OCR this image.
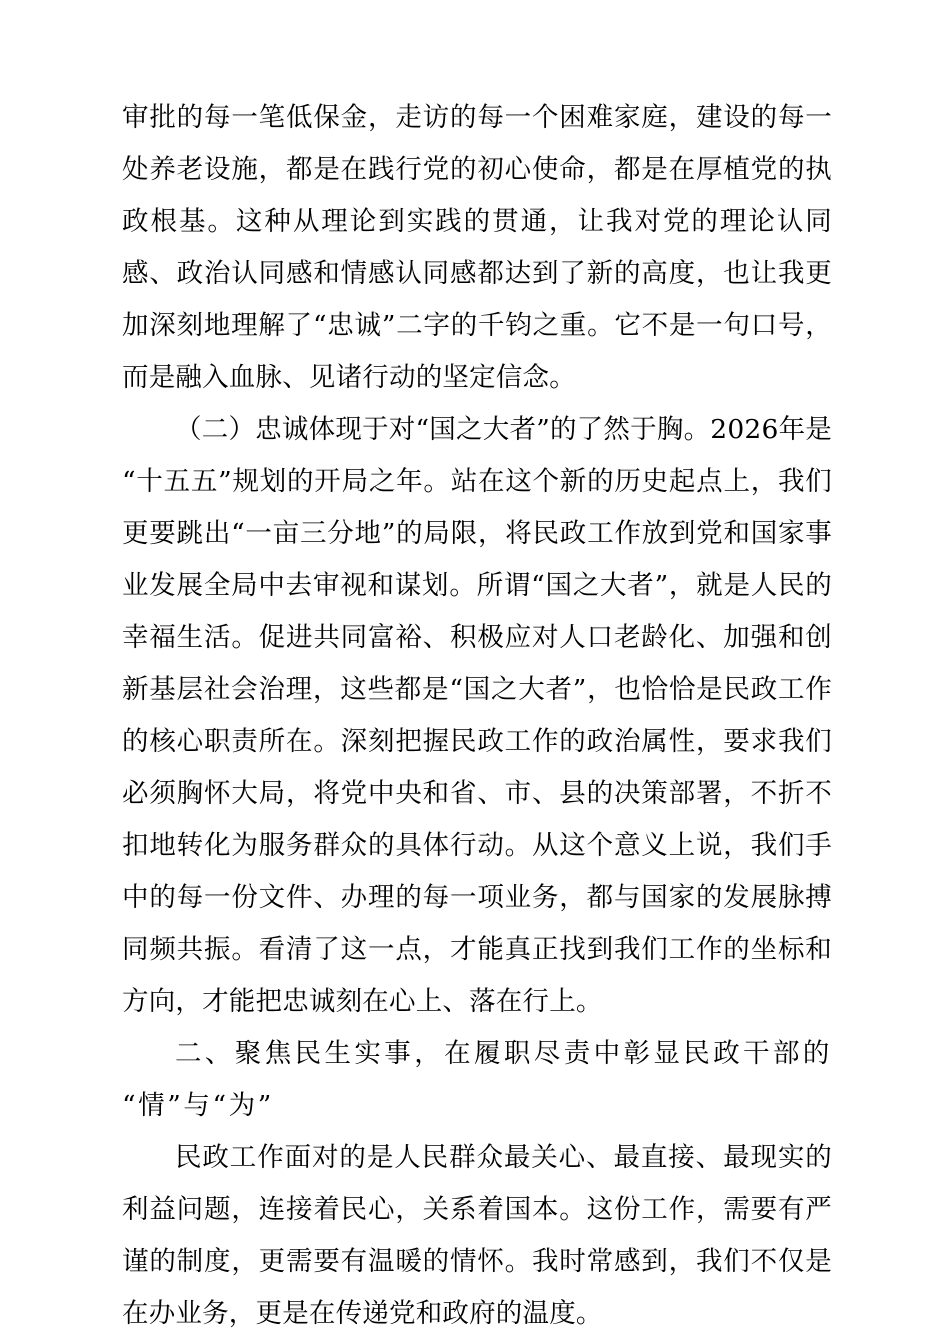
审批的每一笔低保金，走访的每一个困难家庭，建设的每一处养老设施，都是在践行党的初心使命，都是在厚植党的执政根基。这种从理论到实践的贯通，让我对党的理论认同感、政治认同感和情感认同感都达到了新的高度，也让我更加深刻地理解了“忠诚”二字的千钧之重。它不是一句口号，而是融入血脉、见诸行动的坚定信念。

（二）忠诚体现于对“国之大者”的了然于胸。2026年是“十五五”规划的开局之年。站在这个新的历史起点上，我们更要跳出“一亩三分地”的局限，将民政工作放到党和国家事业发展全局中去审视和谋划。所谓“国之大者”，就是人民的幸福生活。促进共同富裕、积极应对人口老龄化、加强和创新基层社会治理，这些都是“国之大者”，也恰恰是民政工作的核心职责所在。深刻把握民政工作的政治属性，要求我们必须胸怀大局，将党中央和省、市、县的决策部署，不折不扣地转化为服务群众的具体行动。从这个意义上说，我们手中的每一份文件、办理的每一项业务，都与国家的发展脉搏同频共振。看清了这一点，才能真正找到我们工作的坐标和方向，才能把忠诚刻在心上、落在行上。

二、聚焦民生实事，在履职尽责中彰显民政干部的“情”与“为”

民政工作面对的是人民群众最关心、最直接、最现实的利益问题，连接着民心，关系着国本。这份工作，需要有严谨的制度，更需要有温暖的情怀。我时常感到，我们不仅是在办业务，更是在传递党和政府的温度。
